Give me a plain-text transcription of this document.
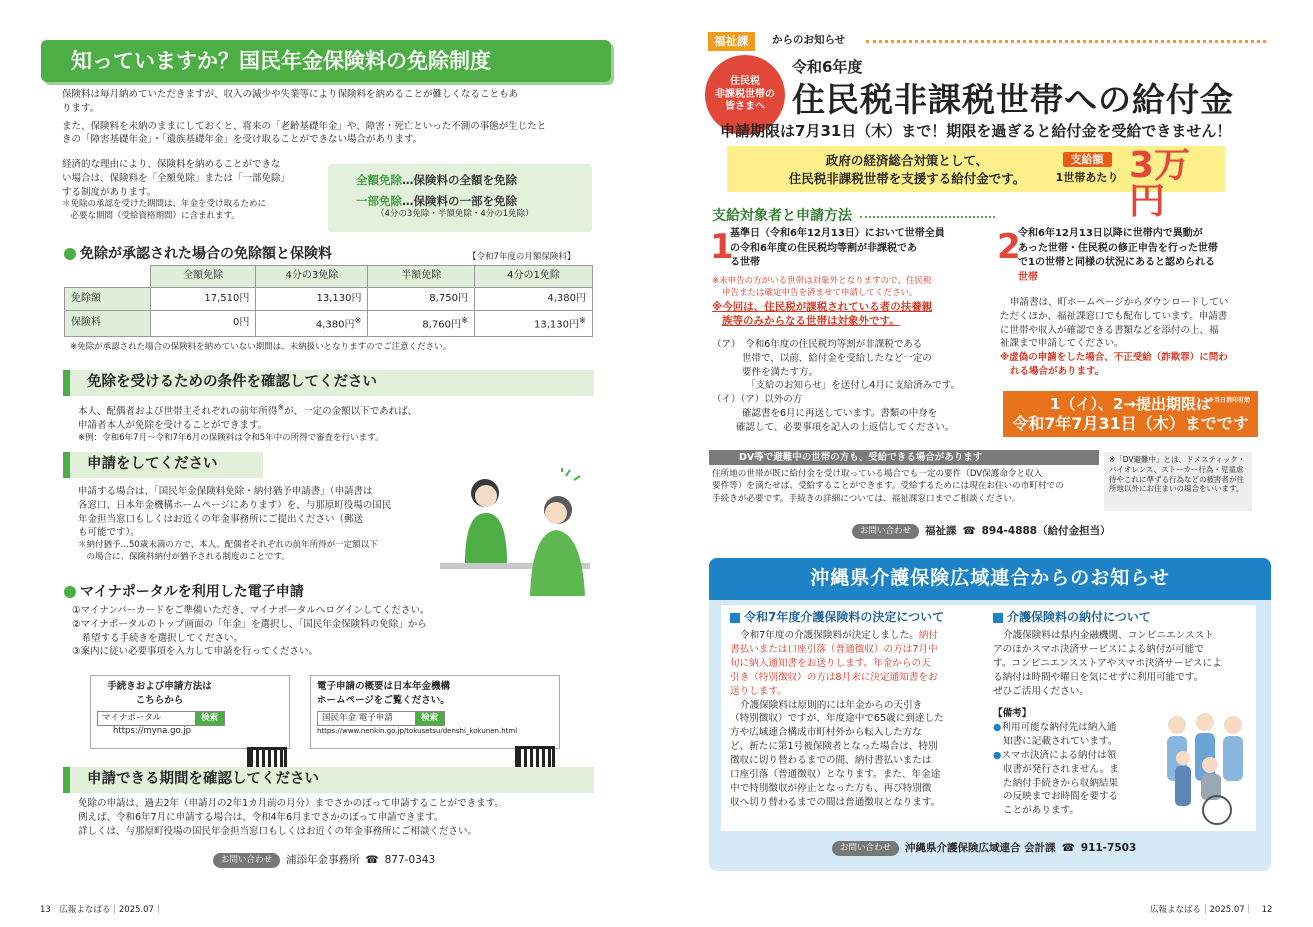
知っていますか？国民年金保険料の免除制度

保険料は毎月納めていただきますが、収入の減少や失業等により保険料を納めることが難しくなることもあ

ります。

また、保険料を未納のままにしておくと、将来の「老齢基礎年金」や、障害・死亡といった不測の事態が生じたと

きの「障害基礎年金」・「遺族基礎年金」を受け取ることができない場合があります。

経済的な理由により、保険料を納めることができな

い場合は、保険料を「全額免除」または「一部免除」

する制度があります。

＊免除の承認を受けた期間は、年金を受け取るために

　必要な期間（受給資格期間）に含まれます。

全額免除…保険料の全額を免除
一部免除…保険料の一部を免除
（4分の3免除・半額免除・4分の1免除）
免除が承認された場合の免除額と保険料	【令和7年度の月額保険料】
	全額免除	4分の3免除	半額免除	4分の1免除
免除額	17,510円	13,130円	8,750円	4,380円
保険料	0円	4,380円※	8,760円※	13,130円※
※免除が承認された場合の保険料を納めていない期間は、未納扱いとなりますのでご注意ください。
免除を受けるための条件を確認してください

本人、配偶者および世帯主それぞれの前年所得※が、一定の金額以下であれば、

申請者本人が免除を受けることができます。

※例：令和6年7月〜令和7年6月の保険料は令和5年中の所得で審査を行います。

申請をしてください

申請する場合は、「国民年金保険料免除・納付猶予申請書」（申請書は

各窓口、日本年金機構ホームページにあります）を、与那原町役場の国民

年金担当窓口もしくはお近くの年金事務所にご提出ください（郵送

も可能です）。

＊納付猶予…50歳未満の方で、本人、配偶者それぞれの前年所得が一定額以下

　の場合に、保険料納付が猶予される制度のことです。

マイナポータルを利用した電子申請

①マイナンバーカードをご準備いただき、マイナポータルへログインしてください。

②マイナポータルのトップ画面の「年金」を選択し、「国民年金保険料の免除」から

　希望する手続きを選択してください。

③案内に従い必要事項を入力して申請を行ってください。

手続きおよび申請方法は
こちらから
マイナポータル	検索
https://myna.go.jp
電子申請の概要は日本年金機構
ホームページをご覧ください。
国民年金 電子申請	検索
https://www.nenkin.go.jp/tokusetsu/denshi_kokunen.html
申請できる期間を確認してください

免除の申請は、過去2年（申請月の2年1カ月前の月分）までさかのぼって申請することができます。

例えば、令和6年7月に申請する場合は、令和4年6月までさかのぼって申請できます。

詳しくは、与那原町役場の国民年金担当窓口もしくはお近くの年金事務所にご相談ください。

お問い合わせ	浦添年金事務所 ☎ 877-0343
13　広報よなばる｜2025.07｜
福祉課	からのお知らせ
住民税
非課税世帯の
皆さまへ
令和6年度
住民税非課税世帯への給付金
申請期限は7月31日（木）まで！期限を過ぎると給付金を受給できません！

政府の経済総合対策として、

住民税非課税世帯を支援する給付金です。

支給額
1世帯あたり 3万円
支給対象者と申請方法
1

基準日（令和6年12月13日）において世帯全員

の令和6年度の住民税均等割が非課税であ

る世帯

※未申告の方がいる世帯は対象外となりますので、住民税

申告または確定申告を済ませて申請してください。

※今回は、住民税が課税されている者の扶養親

族等のみからなる世帯は対象外です。

（ア）　令和6年度の住民税均等割が非課税である

世帯で、以前、給付金を受給したなど一定の

要件を満たす方。

「支給のお知らせ」を送付し4月に支給済みです。

（イ）（ア）以外の方

確認書を6月に再送しています。書類の中身を

確認して、必要事項を記入の上返信してください。

2

令和6年12月13日以降に世帯内で異動が

あった世帯・住民税の修正申告を行った世帯

で1の世帯と同様の状況にあると認められる

世帯

申請書は、町ホームページからダウンロードしてい

ただくほか、福祉課窓口でも配布しています。申請書

に世帯や収入が確認できる書類などを添付の上、福

祉課まで申請してください。

※虚偽の申請をした場合、不正受給（詐欺罪）に問わ

れる場合があります。

1（イ）、2→提出期限は

令和7年7月31日（木）までです

※当日消印有効
DV等で避難中の世帯の方も、受給できる場合があります

住所地の世帯が既に給付金を受け取っている場合でも一定の要件（DV保護命令と収入

要件等）を満たせば、受給することができます。受給するためには現在お住いの市町村での

手続きが必要です。手続きの詳細については、福祉課窓口までご相談ください。

※「DV避難中」とは、ドメスティック・バイオレンス、ストーカー行為・児童虐待やこれに準ずる行為などの被害者が住所地以外にお住まいの場合をいいます。
お問い合わせ	福祉課 ☎ 894-4888（給付金担当）
沖縄県介護保険広域連合からのお知らせ
令和7年度介護保険料の決定について

令和7年度の介護保険料が決定しました。納付

書払いまたは口座引落（普通徴収）の方は7月中

旬に納入通知書をお送りします。年金からの天

引き（特別徴収）の方は8月末に決定通知書をお

送りします。

介護保険料は原則的には年金からの天引き

（特別徴収）ですが、年度途中で65歳に到達した

方や広域連合構成市町村外から転入した方な

ど、新たに第1号被保険者となった場合は、特別

徴収に切り替わるまでの間、納付書払いまたは

口座引落（普通徴収）となります。また、年金途

中で特別徴収が停止となった方も、再び特別徴

収へ切り替わるまでの間は普通徴収となります。

介護保険料の納付について

介護保険料は県内金融機関、コンビニエンススト

アのほかスマホ決済サービスによる納付が可能で

す。コンビニエンスストアやスマホ決済サービスによ

る納付は時間や曜日を気にせずに利用可能です。

ぜひご活用ください。

【備考】

●利用可能な納付先は納入通

知書に記載されています。

●スマホ決済による納付は領

収書が発行されません。ま

た納付手続きから収納結果

の反映までお時間を要する

ことがあります。

お問い合わせ	沖縄県介護保険広域連合 会計課 ☎ 911-7503
広報よなばる｜2025.07｜　12
